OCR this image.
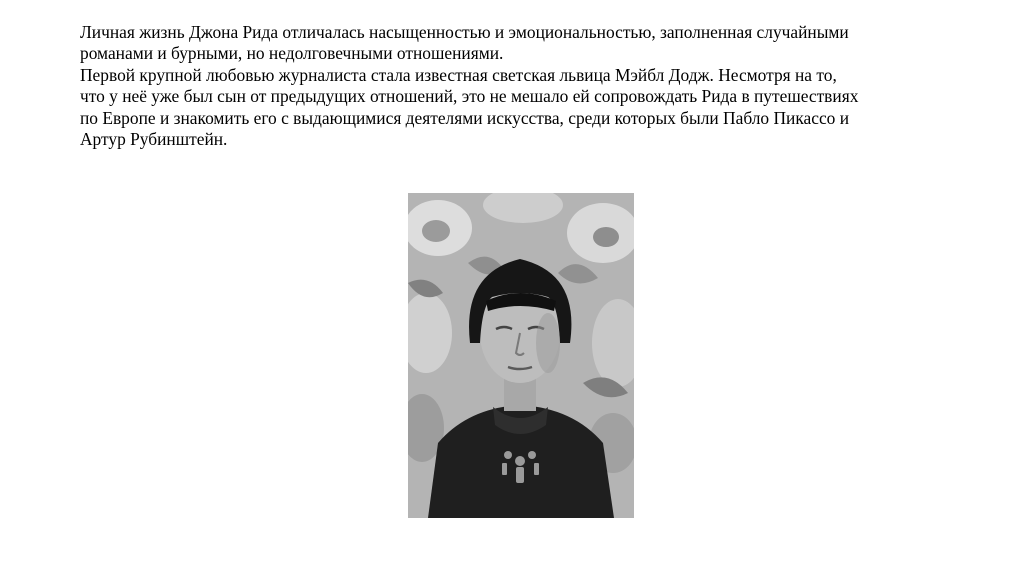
Личная жизнь Джона Рида отличалась насыщенностью и эмоциональностью, заполненная случайными
романами и бурными, но недолговечными отношениями.
Первой крупной любовью журналиста стала известная светская львица Мэйбл Додж. Несмотря на то,
что у неё уже был сын от предыдущих отношений, это не мешало ей сопровождать Рида в путешествиях
по Европе и знакомить его с выдающимися деятелями искусства, среди которых были Пабло Пикассо и
Артур Рубинштейн.
